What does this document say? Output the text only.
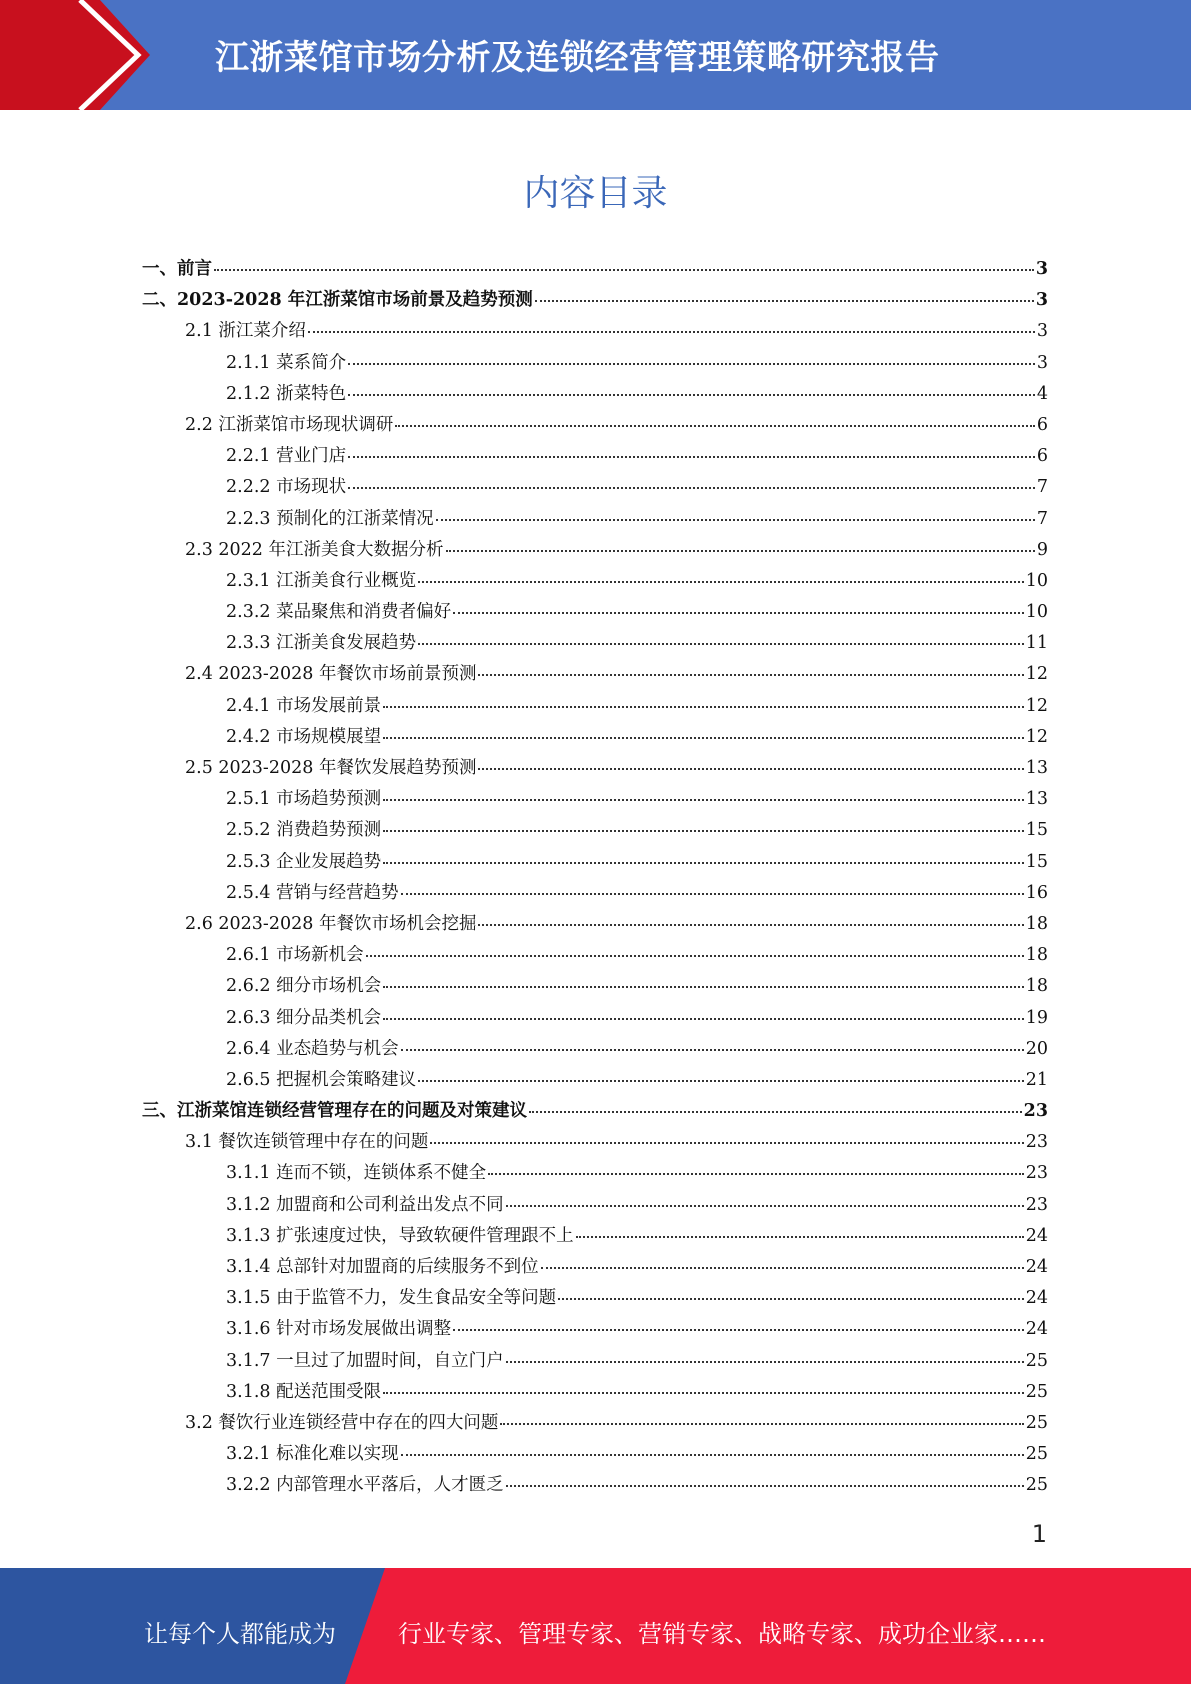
江浙菜馆市场分析及连锁经营管理策略研究报告
内容目录
一、前言	3
二、2023-2028 年江浙菜馆市场前景及趋势预测	3
2.1 浙江菜介绍	3
2.1.1 菜系简介	3
2.1.2 浙菜特色	4
2.2 江浙菜馆市场现状调研	6
2.2.1 营业门店	6
2.2.2 市场现状	7
2.2.3 预制化的江浙菜情况	7
2.3 2022 年江浙美食大数据分析	9
2.3.1 江浙美食行业概览	10
2.3.2 菜品聚焦和消费者偏好	10
2.3.3 江浙美食发展趋势	11
2.4 2023-2028 年餐饮市场前景预测	12
2.4.1 市场发展前景	12
2.4.2 市场规模展望	12
2.5 2023-2028 年餐饮发展趋势预测	13
2.5.1 市场趋势预测	13
2.5.2 消费趋势预测	15
2.5.3 企业发展趋势	15
2.5.4 营销与经营趋势	16
2.6 2023-2028 年餐饮市场机会挖掘	18
2.6.1 市场新机会	18
2.6.2 细分市场机会	18
2.6.3 细分品类机会	19
2.6.4 业态趋势与机会	20
2.6.5 把握机会策略建议	21
三、江浙菜馆连锁经营管理存在的问题及对策建议	23
3.1 餐饮连锁管理中存在的问题	23
3.1.1 连而不锁，连锁体系不健全	23
3.1.2 加盟商和公司利益出发点不同	23
3.1.3 扩张速度过快，导致软硬件管理跟不上	24
3.1.4 总部针对加盟商的后续服务不到位	24
3.1.5 由于监管不力，发生食品安全等问题	24
3.1.6 针对市场发展做出调整	24
3.1.7 一旦过了加盟时间，自立门户	25
3.1.8 配送范围受限	25
3.2 餐饮行业连锁经营中存在的四大问题	25
3.2.1 标准化难以实现	25
3.2.2 内部管理水平落后，人才匮乏	25
1
让每个人都能成为	行业专家、管理专家、营销专家、战略专家、成功企业家……
